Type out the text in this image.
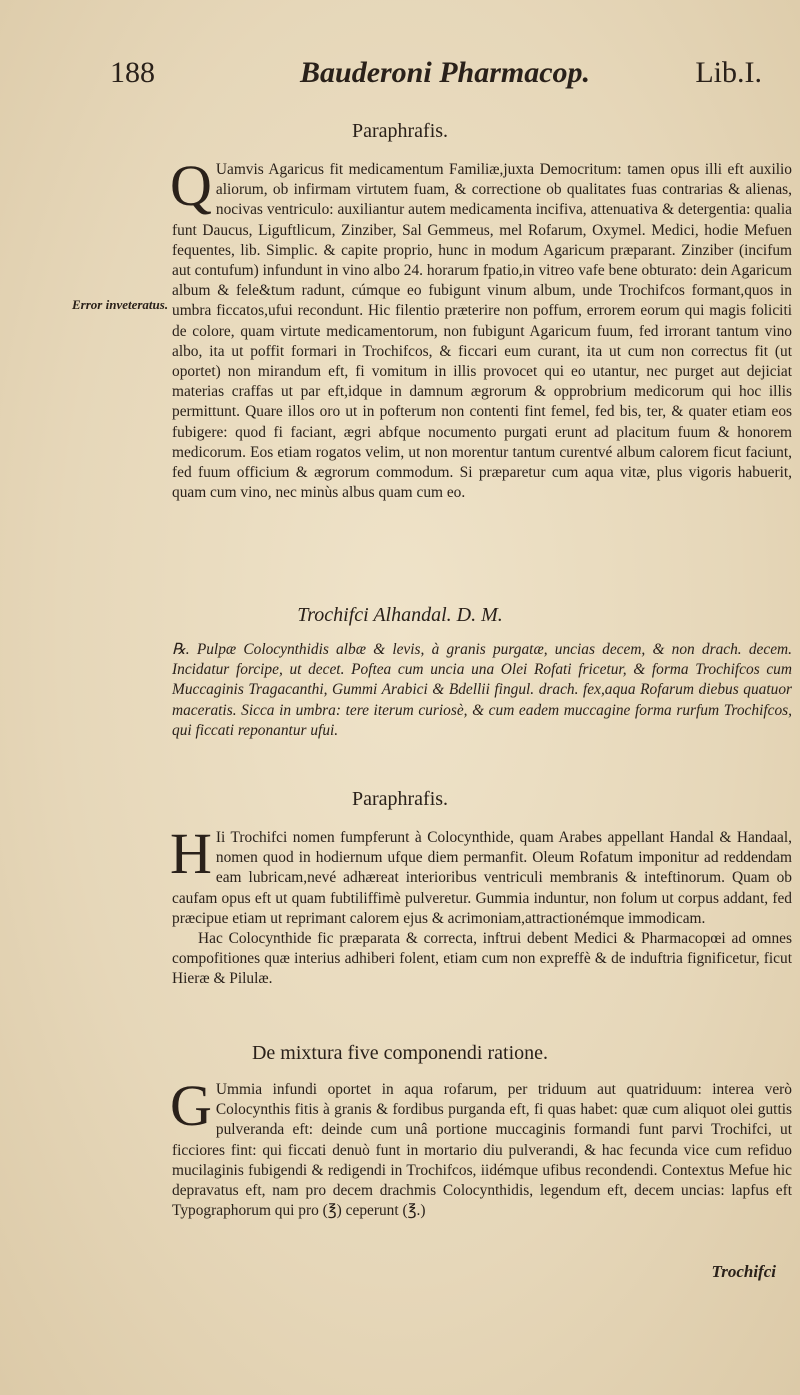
188	Bauderoni Pharmacop.	Lib.I.
Paraphrafis.
Error inveteratus.

Q Uamvis Agaricus fit medicamentum Familiæ,juxta Democritum: tamen opus illi eft auxilio aliorum, ob infirmam virtutem fuam, & correctione ob qualitates fuas contrarias & alienas, nocivas ventriculo: auxiliantur autem medicamenta incifiva, attenuativa & detergentia: qualia funt Daucus, Liguftlicum, Zinziber, Sal Gemmeus, mel Rofarum, Oxymel. Medici, hodie Mefuen fequentes, lib. Simplic. & capite proprio, hunc in modum Agaricum præparant. Zinziber (incifum aut contufum) infundunt in vino albo 24. horarum fpatio,in vitreo vafe bene obturato: dein Agaricum album & fele&tum radunt, cúmque eo fubigunt vinum album, unde Trochifcos formant,quos in umbra ficcatos,ufui recondunt. Hic filentio præterire non poffum, errorem eorum qui magis foliciti de colore, quam virtute medicamentorum, non fubigunt Agaricum fuum, fed irrorant tantum vino albo, ita ut poffit formari in Trochifcos, & ficcari eum curant, ita ut cum non correctus fit (ut oportet) non mirandum eft, fi vomitum in illis provocet qui eo utantur, nec purget aut dejiciat materias craffas ut par eft,idque in damnum ægrorum & opprobrium medicorum qui hoc illis permittunt. Quare illos oro ut in pofterum non contenti fint femel, fed bis, ter, & quater etiam eos fubigere: quod fi faciant, ægri abfque nocumento purgati erunt ad placitum fuum & honorem medicorum. Eos etiam rogatos velim, ut non morentur tantum curentvé album calorem ficut faciunt, fed fuum officium & ægrorum commodum. Si præparetur cum aqua vitæ, plus vigoris habuerit, quam cum vino, nec minùs albus quam cum eo.

Trochifci Alhandal. D. M.

℞. Pulpæ Colocynthidis albæ & levis, à granis purgatæ, uncias decem, & non drach. decem. Incidatur forcipe, ut decet. Poftea cum uncia una Olei Rofati fricetur, & forma Trochifcos cum Muccaginis Tragacanthi, Gummi Arabici & Bdellii fingul. drach. fex,aqua Rofarum diebus quatuor maceratis. Sicca in umbra: tere iterum curiosè, & cum eadem muccagine forma rurfum Trochifcos, qui ficcati reponantur ufui.

Paraphrafis.

H Ii Trochifci nomen fumpferunt à Colocynthide, quam Arabes appellant Handal & Handaal, nomen quod in hodiernum ufque diem permanfit. Oleum Rofatum imponitur ad reddendam eam lubricam,nevé adhæreat interioribus ventriculi membranis & inteftinorum. Quam ob caufam opus eft ut quam fubtiliffimè pulveretur. Gummia induntur, non folum ut corpus addant, fed præcipue etiam ut reprimant calorem ejus & acrimoniam,attractionémque immodicam.

Hac Colocynthide fic præparata & correcta, inftrui debent Medici & Pharmacopœi ad omnes compofitiones quæ interius adhiberi folent, etiam cum non expreffè & de induftria fignificetur, ficut Hieræ & Pilulæ.

De mixtura five componendi ratione.

G Ummia infundi oportet in aqua rofarum, per triduum aut quatriduum: interea verò Colocynthis fitis à granis & fordibus purganda eft, fi quas habet: quæ cum aliquot olei guttis pulveranda eft: deinde cum unâ portione muccaginis formandi funt parvi Trochifci, ut ficciores fint: qui ficcati denuò funt in mortario diu pulverandi, & hac fecunda vice cum refiduo mucilaginis fubigendi & redigendi in Trochifcos, iidémque ufibus recondendi. Contextus Mefue hic depravatus eft, nam pro decem drachmis Colocynthidis, legendum eft, decem uncias: lapfus eft Typographorum qui pro (℥) ceperunt (℥.)

Trochifci
